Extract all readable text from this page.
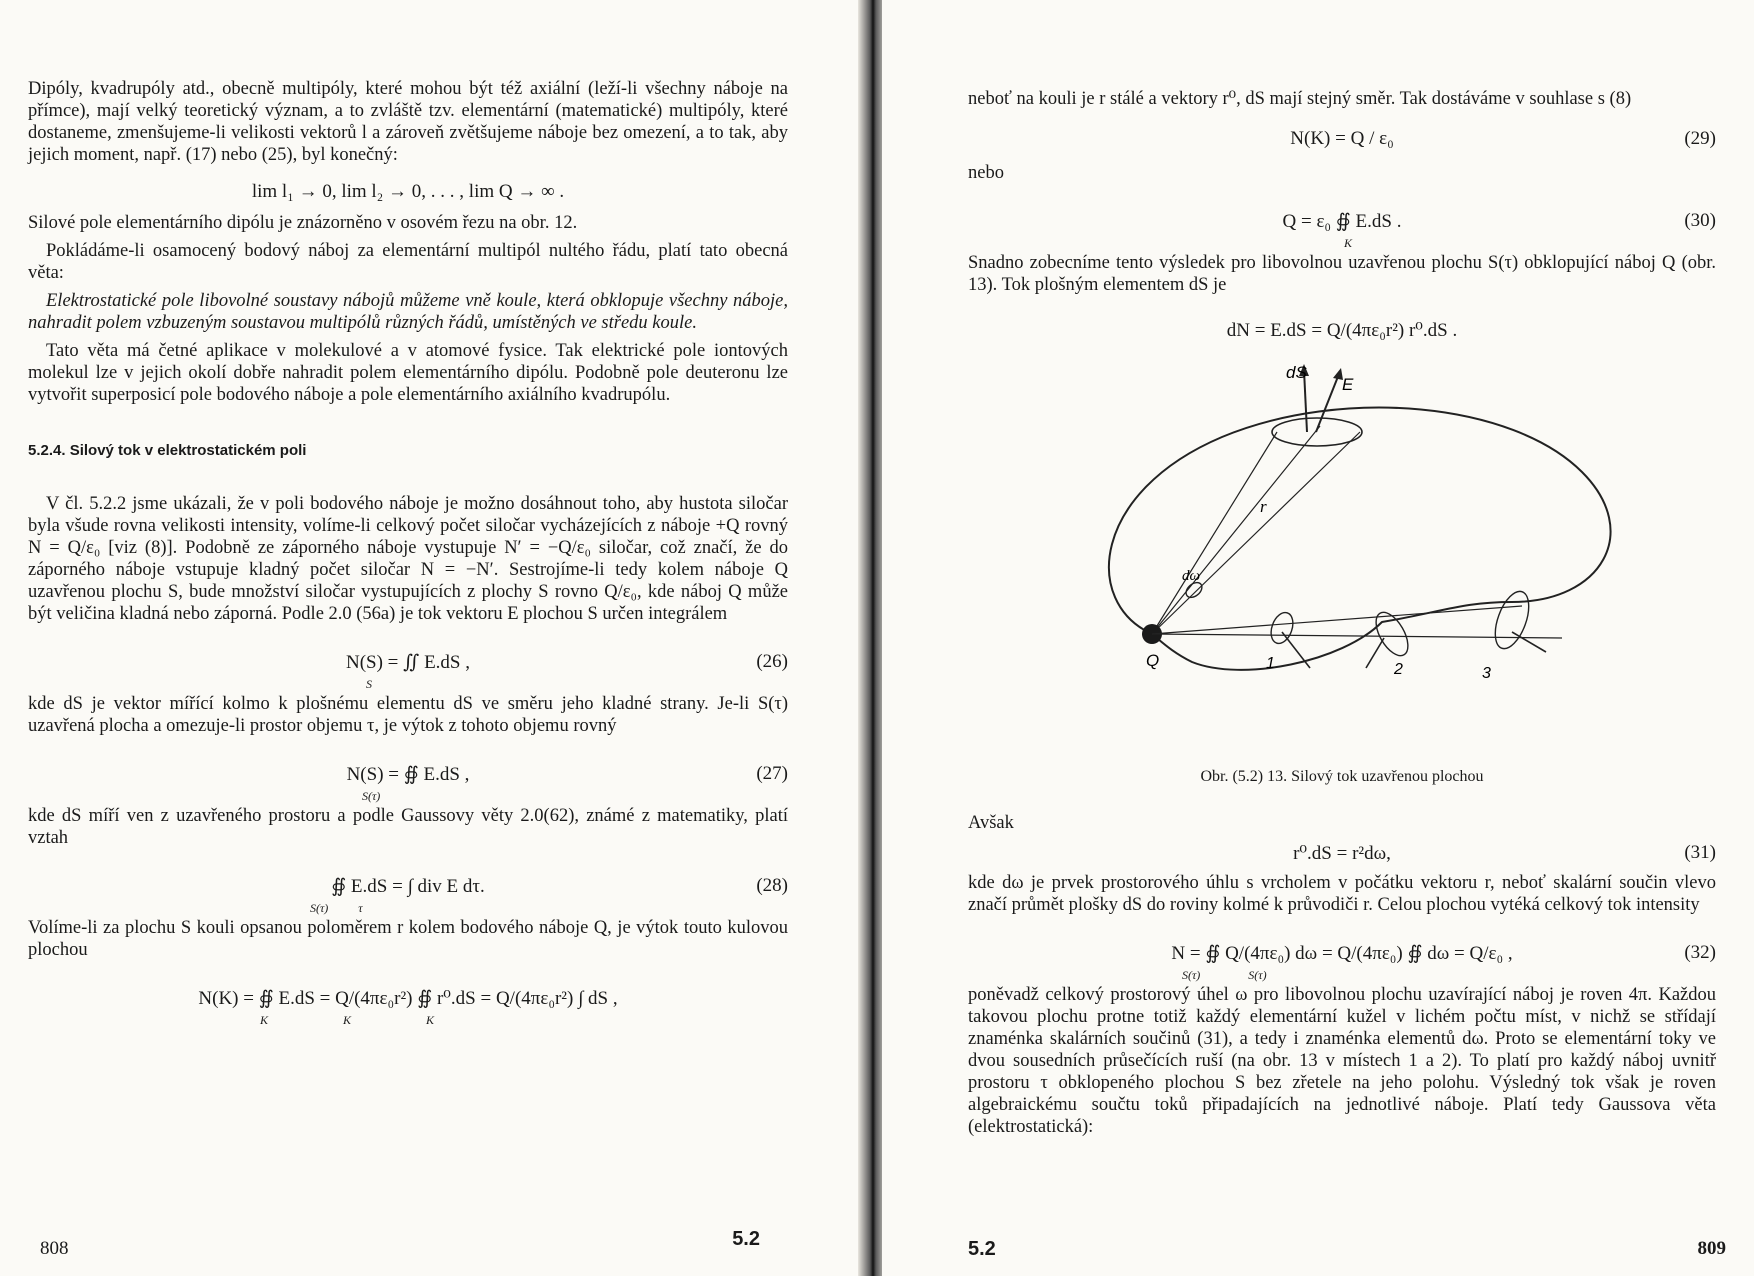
Dipóly, kvadrupóly atd., obecně multipóly, které mohou být též axiální (leží-li všechny náboje na přímce), mají velký teoretický význam, a to zvláště tzv. elementární (matematické) multipóly, které dostaneme, zmenšujeme-li velikosti vektorů l a zároveň zvětšujeme náboje bez omezení, a to tak, aby jejich moment, např. (17) nebo (25), byl konečný:

lim l₁ → 0, lim l₂ → 0, . . . , lim Q → ∞ .

Silové pole elementárního dipólu je znázorněno v osovém řezu na obr. 12.

Pokládáme-li osamocený bodový náboj za elementární multipól nultého řádu, platí tato obecná věta:

Elektrostatické pole libovolné soustavy nábojů můžeme vně koule, která obklopuje všechny náboje, nahradit polem vzbuzeným soustavou multipólů různých řádů, umístěných ve středu koule.

Tato věta má četné aplikace v molekulové a v atomové fysice. Tak elektrické pole iontových molekul lze v jejich okolí dobře nahradit polem elementárního dipólu. Podobně pole deuteronu lze vytvořit superposicí pole bodového náboje a pole elementárního axiálního kvadrupólu.

5.2.4. Silový tok v elektrostatickém poli

V čl. 5.2.2 jsme ukázali, že v poli bodového náboje je možno dosáhnout toho, aby hustota siločar byla všude rovna velikosti intensity, volíme-li celkový počet siločar vycházejících z náboje +Q rovný N = Q/ε₀ [viz (8)]. Podobně ze záporného náboje vystupuje N′ = −Q/ε₀ siločar, což značí, že do záporného náboje vstupuje kladný počet siločar N = −N′. Sestrojíme-li tedy kolem náboje Q uzavřenou plochu S, bude množství siločar vystupujících z plochy S rovno Q/ε₀, kde náboj Q může být veličina kladná nebo záporná. Podle 2.0 (56a) je tok vektoru E plochou S určen integrálem

N(S) = ∬ E.dS ,
S
(26)

kde dS je vektor mířící kolmo k plošnému elementu dS ve směru jeho kladné strany. Je-li S(τ) uzavřená plocha a omezuje-li prostor objemu τ, je výtok z tohoto objemu rovný

N(S) = ∯ E.dS ,
S(τ)
(27)

kde dS míří ven z uzavřeného prostoru a podle Gaussovy věty 2.0(62), známé z matematiky, platí vztah

∯ E.dS = ∫ div E dτ.
S(τ)          τ
(28)

Volíme-li za plochu S kouli opsanou poloměrem r kolem bodového náboje Q, je výtok touto kulovou plochou

N(K) = ∯ E.dS = Q/(4πε₀r²) ∯ r⁰.dS = Q/(4πε₀r²) ∫ dS ,
K                         K                         K
808	5.2

neboť na kouli je r stálé a vektory r⁰, dS mají stejný směr. Tak dostáváme v souhlase s (8)

N(K) = Q / ε₀	(29)

nebo

Q = ε₀ ∯ E.dS .
K
(30)

Snadno zobecníme tento výsledek pro libovolnou uzavřenou plochu S(τ) obklopující náboj Q (obr. 13). Tok plošným elementem dS je

dN = E.dS = Q/(4πε₀r²) r⁰.dS .
dS
E
r
dω
Q	1	2	3
Obr. (5.2) 13. Silový tok uzavřenou plochou

Avšak

r⁰.dS = r²dω,	(31)

kde dω je prvek prostorového úhlu s vrcholem v počátku vektoru r, neboť skalární součin vlevo značí průmět plošky dS do roviny kolmé k průvodiči r. Celou plochou vytéká celkový tok intensity

N = ∯ Q/(4πε₀) dω = Q/(4πε₀) ∯ dω = Q/ε₀ ,
S(τ)                S(τ)
(32)

poněvadž celkový prostorový úhel ω pro libovolnou plochu uzavírající náboj je roven 4π. Každou takovou plochu protne totiž každý elementární kužel v lichém počtu míst, v nichž se střídají znaménka skalárních součinů (31), a tedy i znaménka elementů dω. Proto se elementární toky ve dvou sousedních průsečících ruší (na obr. 13 v místech 1 a 2). To platí pro každý náboj uvnitř prostoru τ obklopeného plochou S bez zřetele na jeho polohu. Výsledný tok však je roven algebraickému součtu toků připadajících na jednotlivé náboje. Platí tedy Gaussova věta (elektrostatická):

5.2	809
